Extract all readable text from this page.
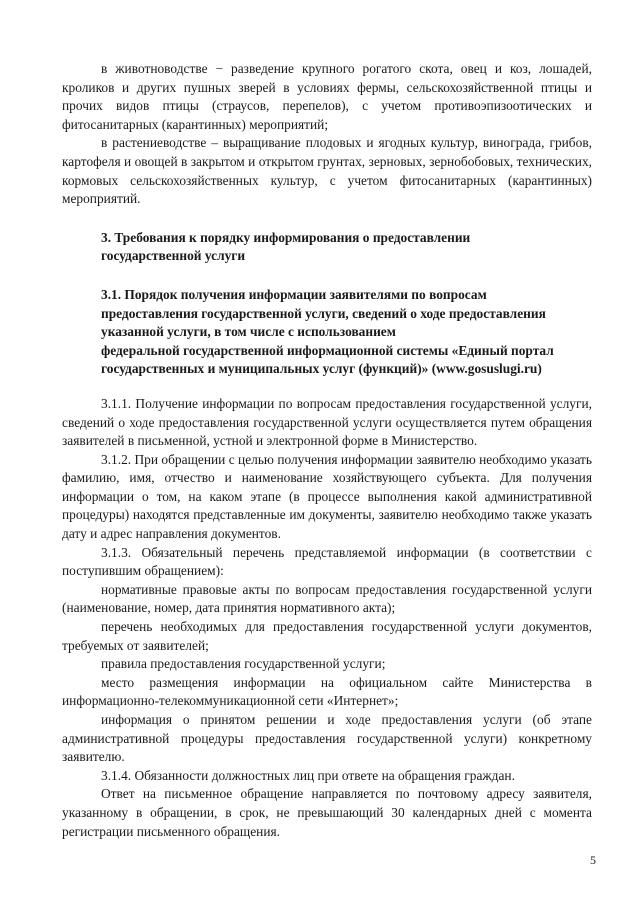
в животноводстве − разведение крупного рогатого скота, овец и коз, лошадей, кроликов и других пушных зверей в условиях фермы, сельскохозяйственной птицы и прочих видов птицы (страусов, перепелов), с учетом противоэпизоотических и фитосанитарных (карантинных) мероприятий;

в растениеводстве – выращивание плодовых и ягодных культур, винограда, грибов, картофеля и овощей в закрытом и открытом грунтах, зерновых, зернобобовых, технических, кормовых сельскохозяйственных культур, с учетом фитосанитарных (карантинных) мероприятий.

3. Требования к порядку информирования о предоставлении

государственной услуги

3.1. Порядок получения информации заявителями по вопросам

предоставления государственной услуги, сведений о ходе предоставления

указанной услуги, в том числе с использованием

федеральной государственной информационной системы «Единый портал

государственных и муниципальных услуг (функций)» (www.gosuslugi.ru)

3.1.1. Получение информации по вопросам предоставления государственной услуги, сведений о ходе предоставления государственной услуги осуществляется путем обращения заявителей в письменной, устной и электронной форме в Министерство.

3.1.2. При обращении с целью получения информации заявителю необходимо указать фамилию, имя, отчество и наименование хозяйствующего субъекта. Для получения информации о том, на каком этапе (в процессе выполнения какой административной процедуры) находятся представленные им документы, заявителю необходимо также указать дату и адрес направления документов.

3.1.3. Обязательный перечень представляемой информации (в соответствии с поступившим обращением):

нормативные правовые акты по вопросам предоставления государственной услуги (наименование, номер, дата принятия нормативного акта);

перечень необходимых для предоставления государственной услуги документов, требуемых от заявителей;

правила предоставления государственной услуги;

место размещения информации на официальном сайте Министерства в информационно-телекоммуникационной сети «Интернет»;

информация о принятом решении и ходе предоставления услуги (об этапе административной процедуры предоставления государственной услуги) конкретному заявителю.

3.1.4. Обязанности должностных лиц при ответе на обращения граждан.

Ответ на письменное обращение направляется по почтовому адресу заявителя, указанному в обращении, в срок, не превышающий 30 календарных дней с момента регистрации письменного обращения.

5
